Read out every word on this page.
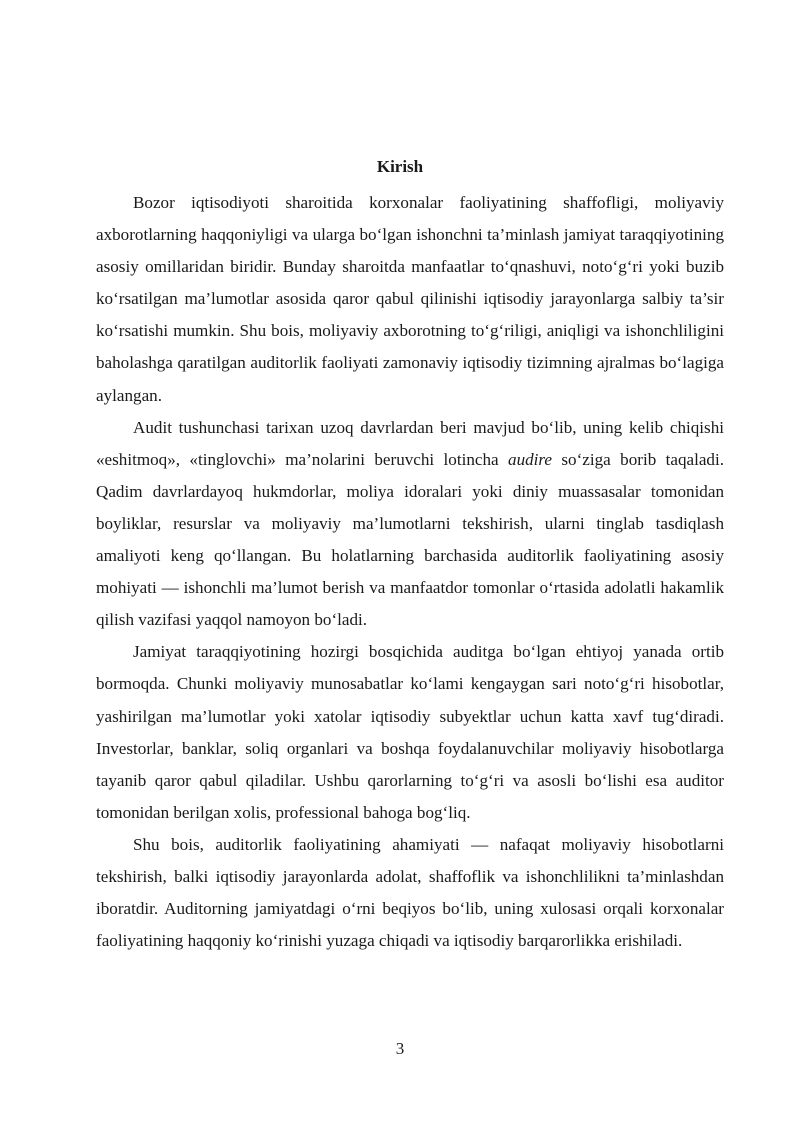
Kirish

Bozor iqtisodiyoti sharoitida korxonalar faoliyatining shaffofligi, moliyaviy axborotlarning haqqoniyligi va ularga bo‘lgan ishonchni ta’minlash jamiyat taraqqiyotining asosiy omillaridan biridir. Bunday sharoitda manfaatlar to‘qnashuvi, noto‘g‘ri yoki buzib ko‘rsatilgan ma’lumotlar asosida qaror qabul qilinishi iqtisodiy jarayonlarga salbiy ta’sir ko‘rsatishi mumkin. Shu bois, moliyaviy axborotning to‘g‘riligi, aniqligi va ishonchliligini baholashga qaratilgan auditorlik faoliyati zamonaviy iqtisodiy tizimning ajralmas bo‘lagiga aylangan.

Audit tushunchasi tarixan uzoq davrlardan beri mavjud bo‘lib, uning kelib chiqishi «eshitmoq», «tinglovchi» ma’nolarini beruvchi lotincha audire so‘ziga borib taqaladi. Qadim davrlardayoq hukmdorlar, moliya idoralari yoki diniy muassasalar tomonidan boyliklar, resurslar va moliyaviy ma’lumotlarni tekshirish, ularni tinglab tasdiqlash amaliyoti keng qo‘llangan. Bu holatlarning barchasida auditorlik faoliyatining asosiy mohiyati — ishonchli ma’lumot berish va manfaatdor tomonlar o‘rtasida adolatli hakamlik qilish vazifasi yaqqol namoyon bo‘ladi.

Jamiyat taraqqiyotining hozirgi bosqichida auditga bo‘lgan ehtiyoj yanada ortib bormoqda. Chunki moliyaviy munosabatlar ko‘lami kengaygan sari noto‘g‘ri hisobotlar, yashirilgan ma’lumotlar yoki xatolar iqtisodiy subyektlar uchun katta xavf tug‘diradi. Investorlar, banklar, soliq organlari va boshqa foydalanuvchilar moliyaviy hisobotlarga tayanib qaror qabul qiladilar. Ushbu qarorlarning to‘g‘ri va asosli bo‘lishi esa auditor tomonidan berilgan xolis, professional bahoga bog‘liq.

Shu bois, auditorlik faoliyatining ahamiyati — nafaqat moliyaviy hisobotlarni tekshirish, balki iqtisodiy jarayonlarda adolat, shaffoflik va ishonchlilikni ta’minlashdan iboratdir. Auditorning jamiyatdagi o‘rni beqiyos bo‘lib, uning xulosasi orqali korxonalar faoliyatining haqqoniy ko‘rinishi yuzaga chiqadi va iqtisodiy barqarorlikka erishiladi.

3
